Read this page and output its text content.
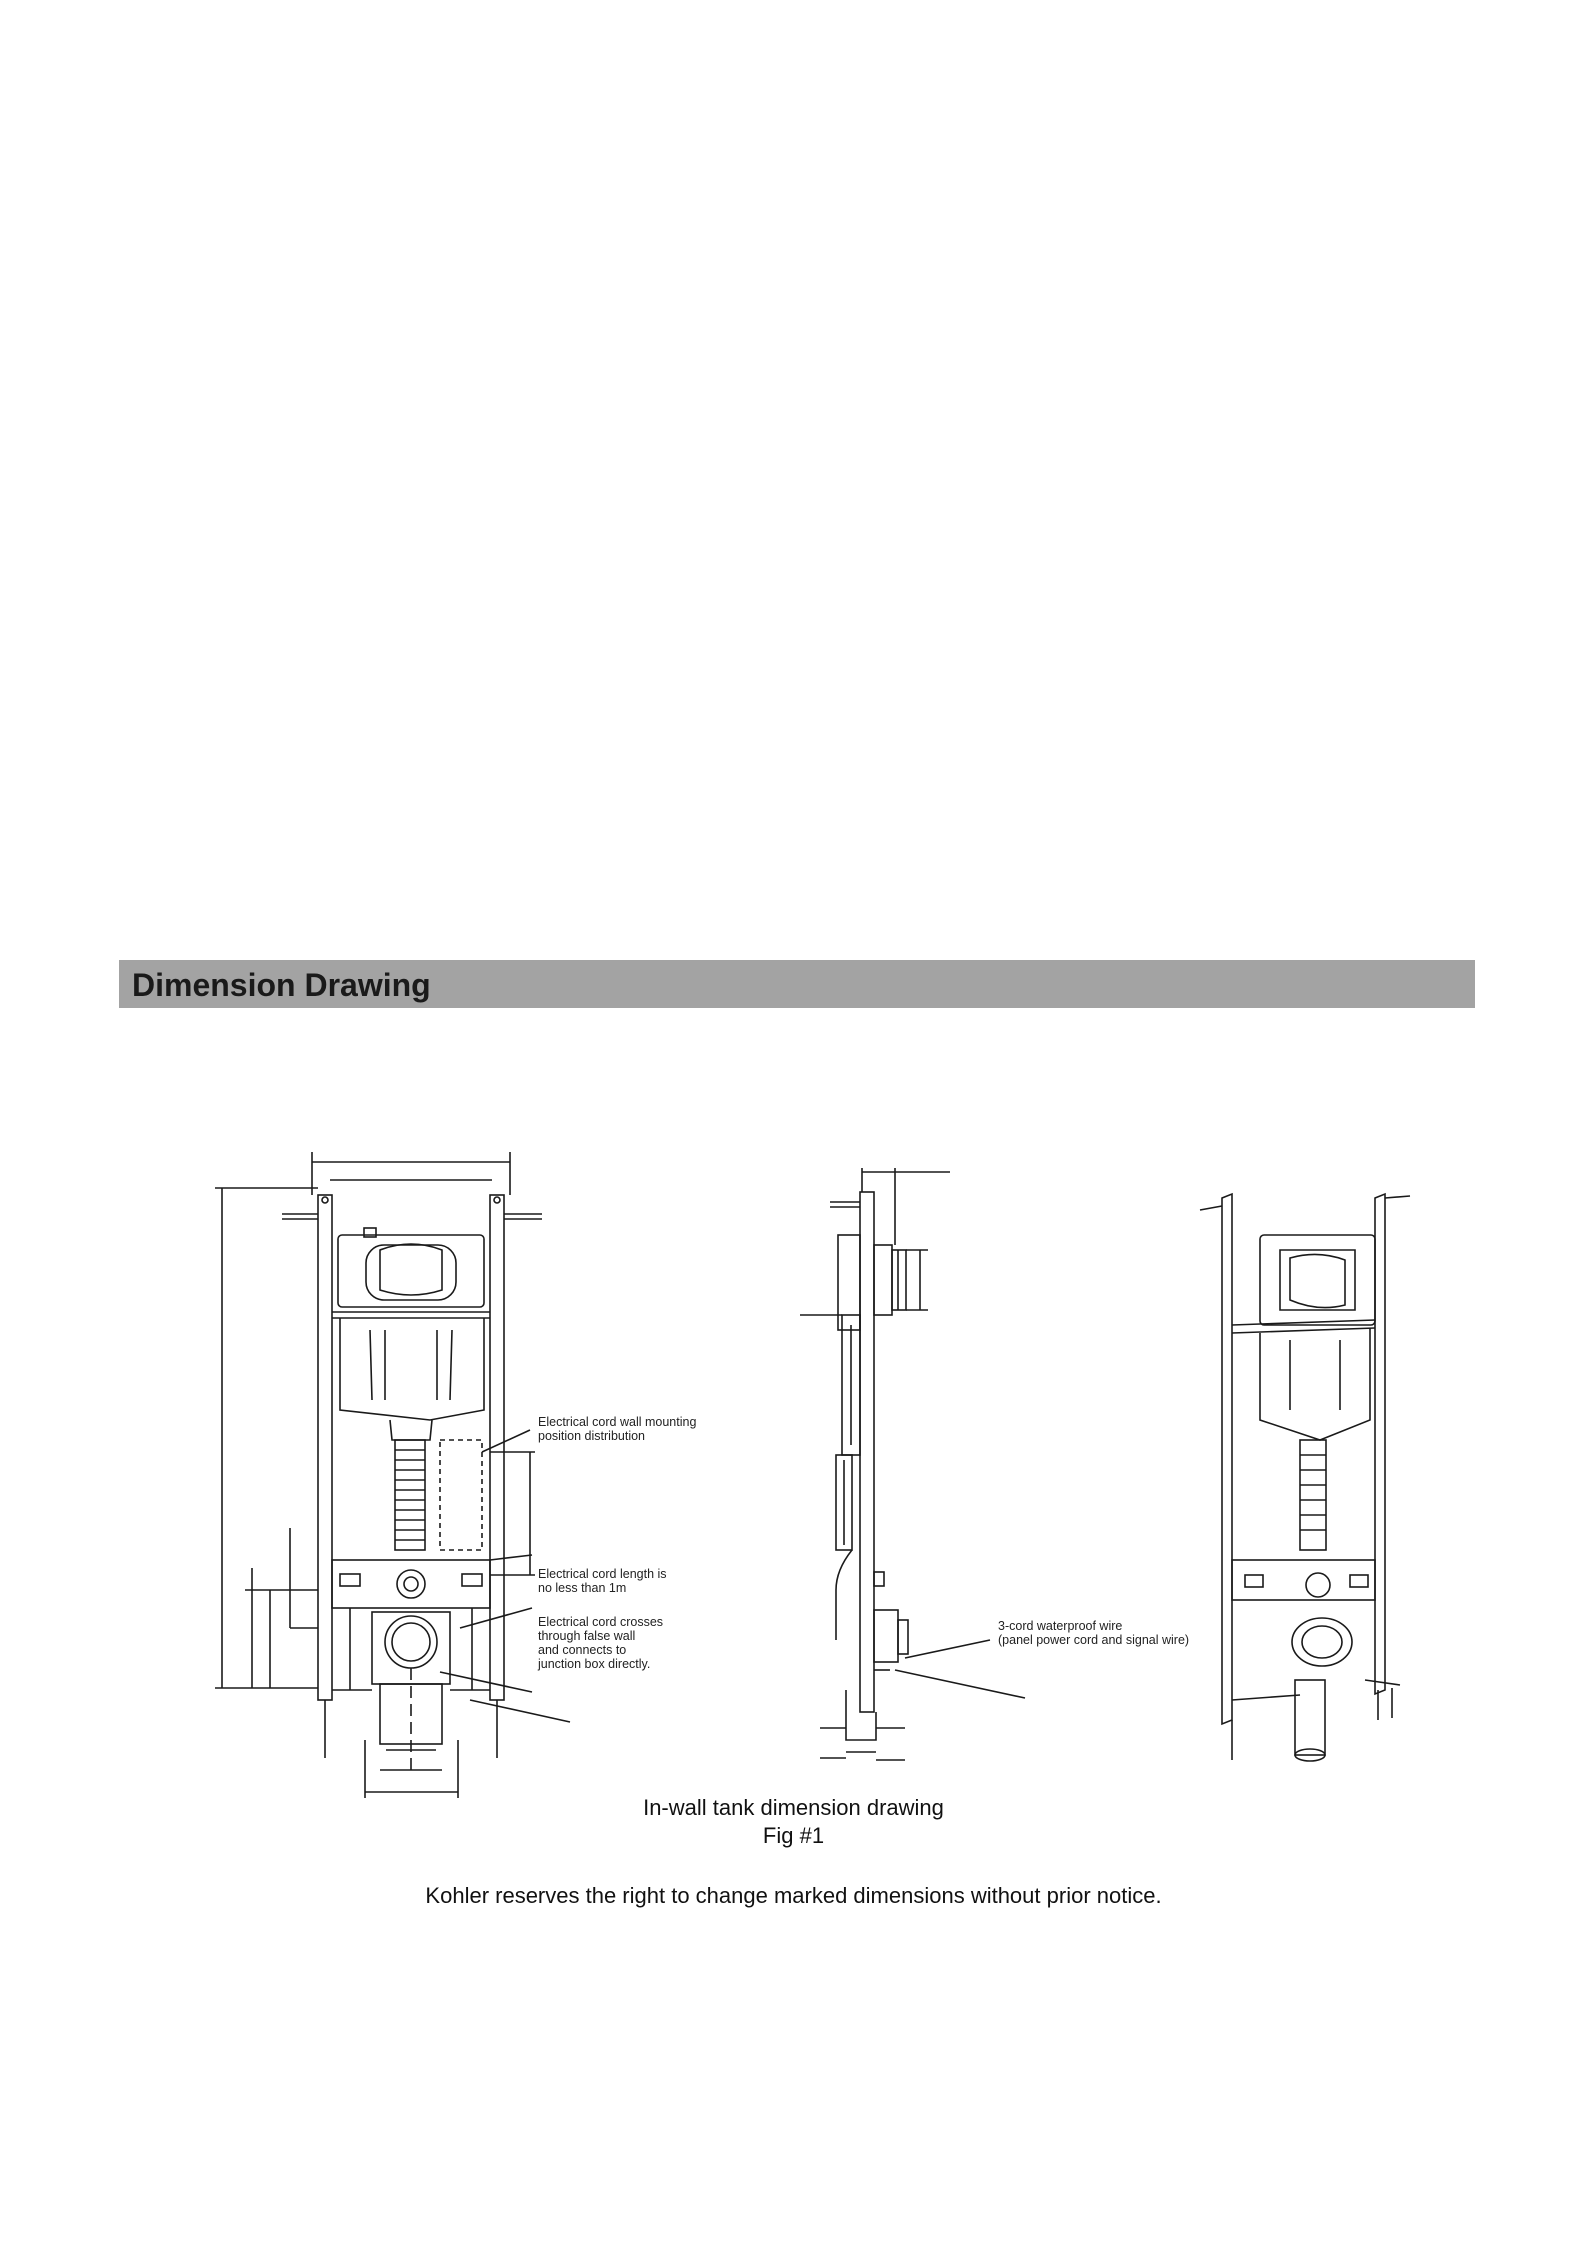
Dimension Drawing
Electrical cord wall mounting
position distribution
Electrical cord length is
no less than 1m
Electrical cord crosses
through false wall
and connects to
junction box directly.
3-cord waterproof wire
(panel power cord and signal wire)

In-wall tank dimension drawing

Fig #1

Kohler reserves the right to change marked dimensions without prior notice.
